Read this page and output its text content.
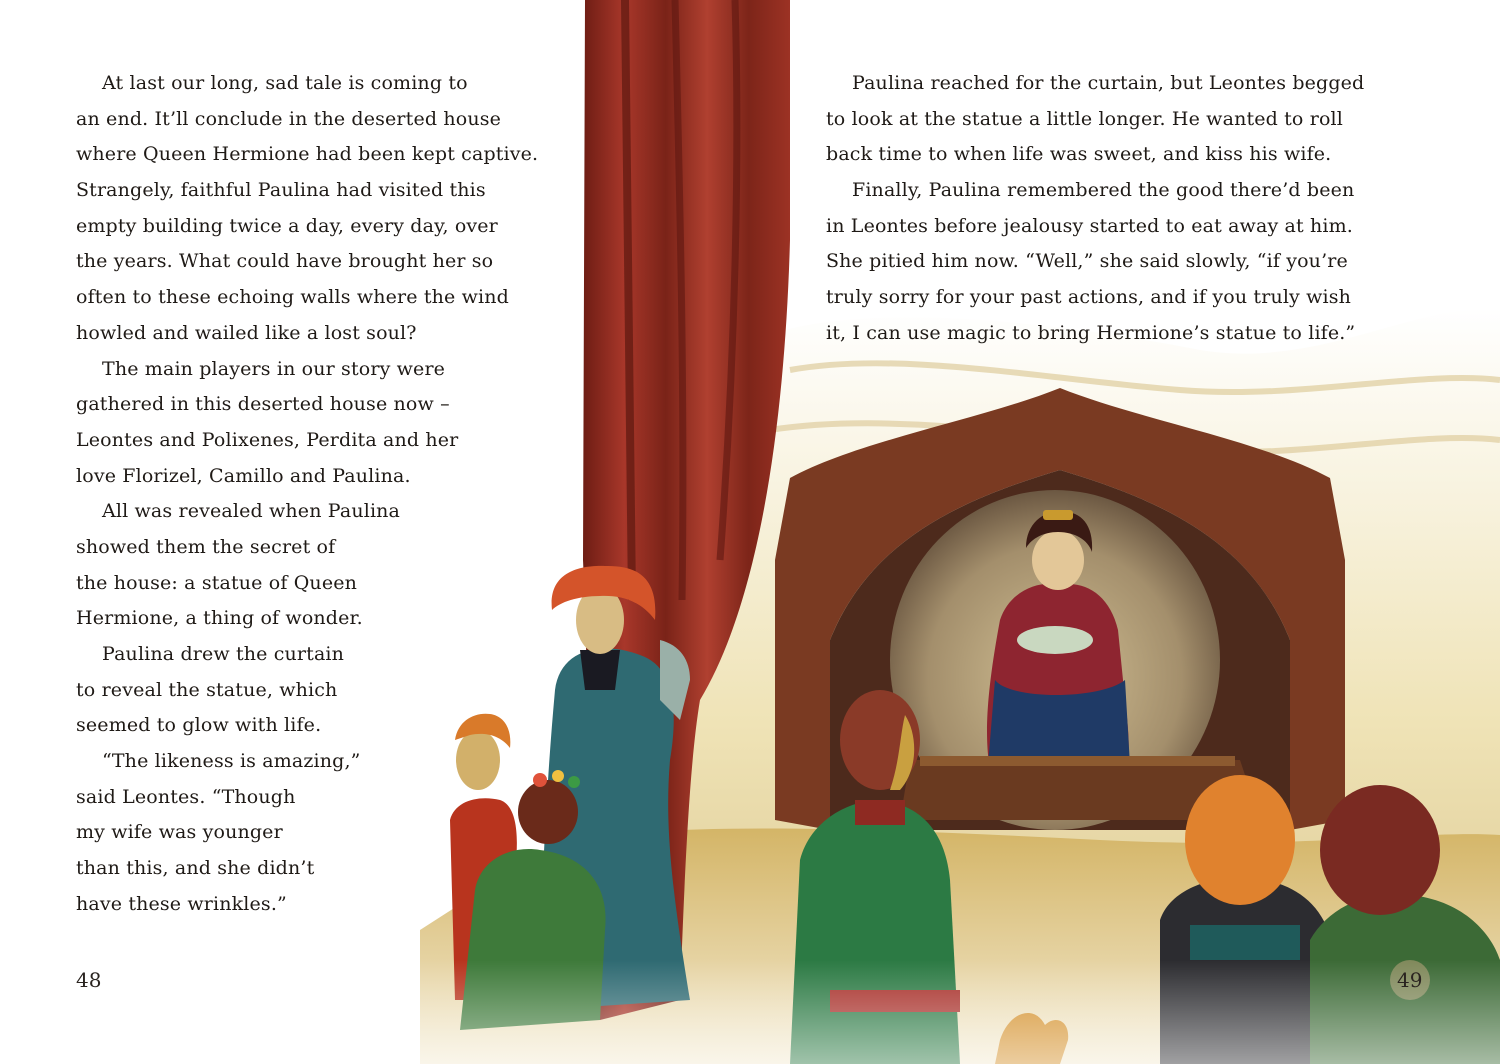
At last our long, sad tale is coming to
an end. It’ll conclude in the deserted house
where Queen Hermione had been kept captive.
Strangely, faithful Paulina had visited this
empty building twice a day, every day, over
the years. What could have brought her so
often to these echoing walls where the wind
howled and wailed like a lost soul?
The main players in our story were
gathered in this deserted house now –
Leontes and Polixenes, Perdita and her
love Florizel, Camillo and Paulina.
All was revealed when Paulina
showed them the secret of
the house: a statue of Queen
Hermione, a thing of wonder.
Paulina drew the curtain
to reveal the statue, which
seemed to glow with life.
“The likeness is amazing,”
said Leontes. “Though
my wife was younger
than this, and she didn’t
have these wrinkles.”
Paulina reached for the curtain, but Leontes begged
to look at the statue a little longer. He wanted to roll
back time to when life was sweet, and kiss his wife.
Finally, Paulina remembered the good there’d been
in Leontes before jealousy started to eat away at him.
She pitied him now. “Well,” she said slowly, “if you’re
truly sorry for your past actions, and if you truly wish
it, I can use magic to bring Hermione’s statue to life.”
48	49
